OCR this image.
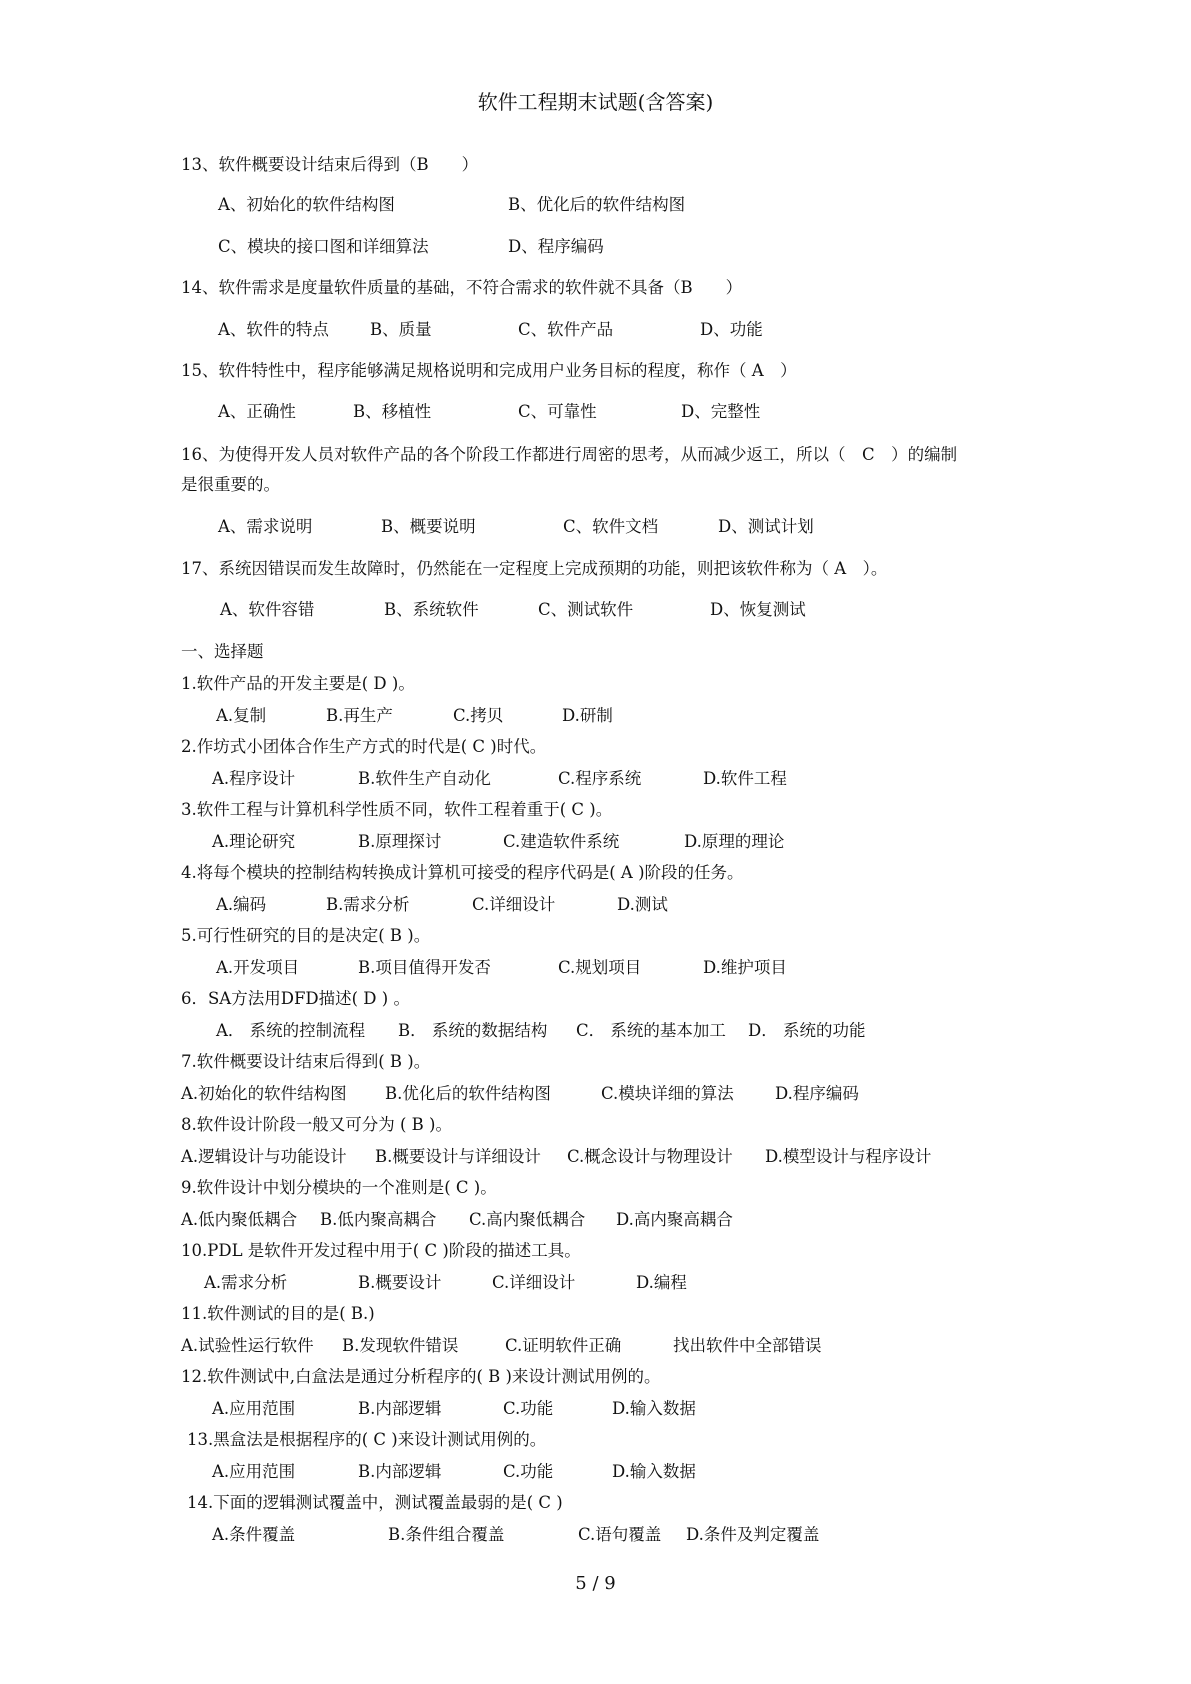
软件工程期末试题(含答案)
13、软件概要设计结束后得到（B　　）
A、初始化的软件结构图	B、优化后的软件结构图
C、模块的接口图和详细算法	D、程序编码
14、软件需求是度量软件质量的基础，不符合需求的软件就不具备（B　　）
A、软件的特点 B、质量	C、软件产品	D、功能
15、软件特性中，程序能够满足规格说明和完成用户业务目标的程度，称作（ A　）
A、正确性	B、移植性	C、可靠性	D、完整性
16、为使得开发人员对软件产品的各个阶段工作都进行周密的思考，从而减少返工，所以（　C　）的编制
是很重要的。
A、需求说明	B、概要说明	C、软件文档	D、测试计划
17、系统因错误而发生故障时，仍然能在一定程度上完成预期的功能，则把该软件称为（ A　）。
A、软件容错	B、系统软件	C、测试软件	D、恢复测试
一、选择题
1.软件产品的开发主要是( D )。
A.复制	B.再生产	C.拷贝	D.研制
2.作坊式小团体合作生产方式的时代是( C )时代。
A.程序设计	B.软件生产自动化	C.程序系统	D.软件工程
3.软件工程与计算机科学性质不同，软件工程着重于( C )。
A.理论研究	B.原理探讨	C.建造软件系统	D.原理的理论
4.将每个模块的控制结构转换成计算机可接受的程序代码是( A )阶段的任务。
A.编码	B.需求分析	C.详细设计	D.测试
5.可行性研究的目的是决定( B )。
A.开发项目	B.项目值得开发否	C.规划项目	D.维护项目
6．SA方法用DFD描述( D ) 。
A． 系统的控制流程 B． 系统的数据结构 C． 系统的基本加工 D． 系统的功能
7.软件概要设计结束后得到( B )。
A.初始化的软件结构图 B.优化后的软件结构图	C.模块详细的算法 D.程序编码
8.软件设计阶段一般又可分为 ( B )。
A.逻辑设计与功能设计 B.概要设计与详细设计 C.概念设计与物理设计 D.模型设计与程序设计
9.软件设计中划分模块的一个准则是( C )。
A.低内聚低耦合 B.低内聚高耦合 C.高内聚低耦合 D.高内聚高耦合
10.PDL 是软件开发过程中用于( C )阶段的描述工具。
A.需求分析	B.概要设计	C.详细设计	D.编程
11.软件测试的目的是( B.)
A.试验性运行软件 B.发现软件错误	C.证明软件正确	找出软件中全部错误
12.软件测试中,白盒法是通过分析程序的( B )来设计测试用例的。
A.应用范围	B.内部逻辑	C.功能	D.输入数据
13.黑盒法是根据程序的( C )来设计测试用例的。
A.应用范围	B.内部逻辑	C.功能	D.输入数据
14.下面的逻辑测试覆盖中，测试覆盖最弱的是( C )
A.条件覆盖	B.条件组合覆盖	C.语句覆盖 D.条件及判定覆盖
5 / 9
